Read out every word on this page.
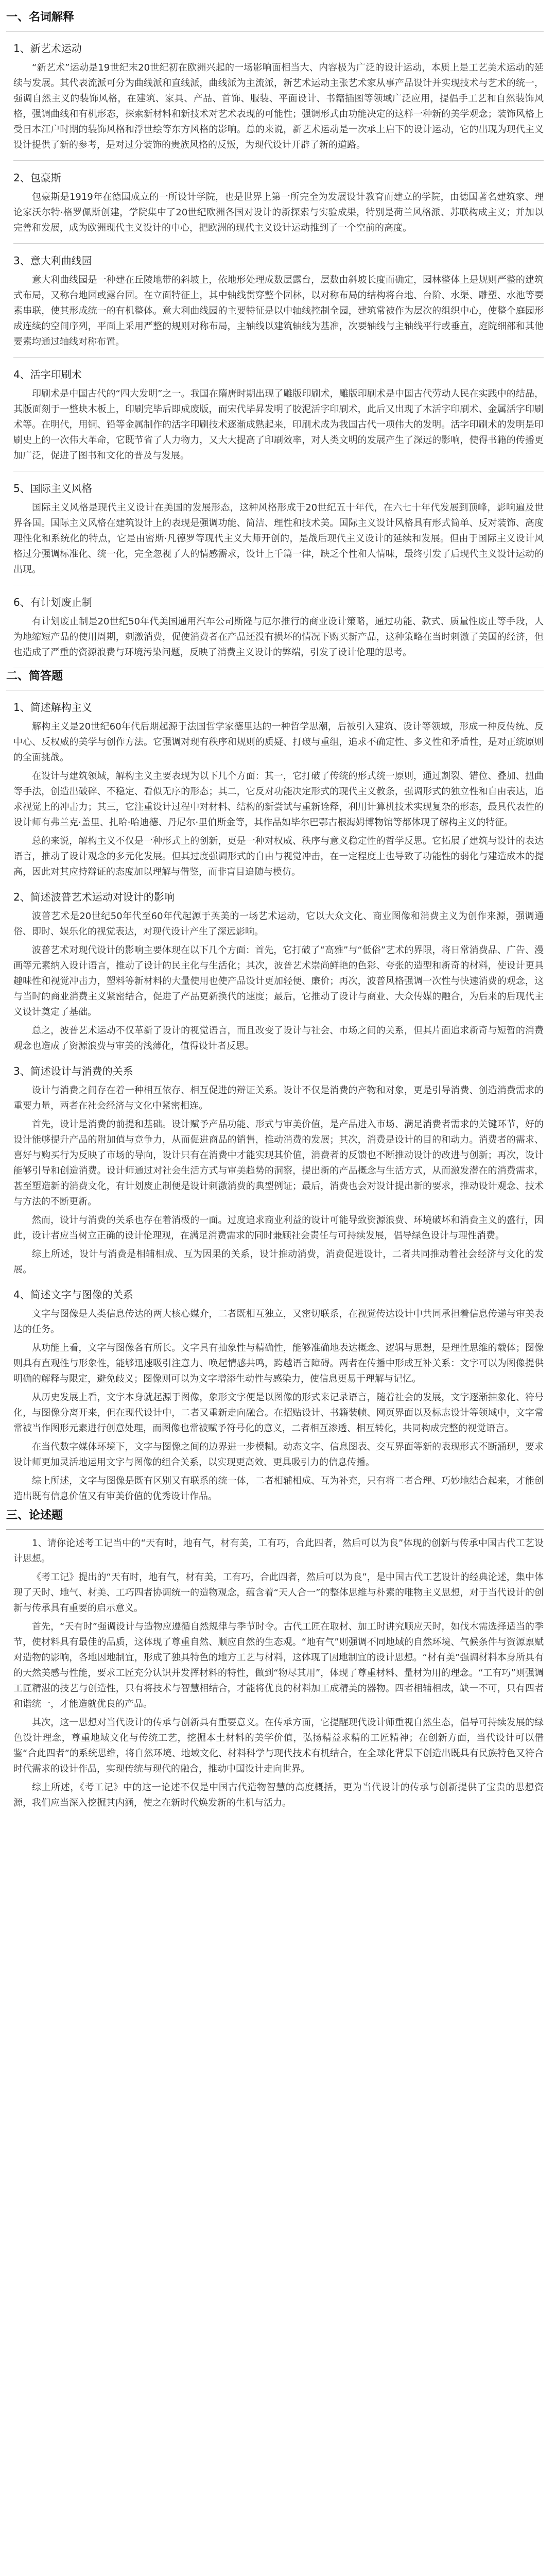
一、名词解释
1、新艺术运动

“新艺术”运动是19世纪末20世纪初在欧洲兴起的一场影响面相当大、内容极为广泛的设计运动，本质上是工艺美术运动的延续与发展。其代表流派可分为曲线派和直线派，曲线派为主流派，新艺术运动主张艺术家从事产品设计并实现技术与艺术的统一，强调自然主义的装饰风格，在建筑、家具、产品、首饰、服装、平面设计、书籍插图等领域广泛应用，提倡手工艺和自然装饰风格，强调曲线和有机形态，探索新材料和新技术对艺术表现的可能性；强调形式由功能决定的这样一种新的美学观念；装饰风格上受日本江户时期的装饰风格和浮世绘等东方风格的影响。总的来说，新艺术运动是一次承上启下的设计运动，它的出现为现代主义设计提供了新的参考，是对过分装饰的贵族风格的反叛，为现代设计开辟了新的道路。

2、包豪斯

包豪斯是1919年在德国成立的一所设计学院，也是世界上第一所完全为发展设计教育而建立的学院，由德国著名建筑家、理论家沃尔特·格罗佩斯创建，学院集中了20世纪欧洲各国对设计的新探索与实验成果，特别是荷兰风格派、苏联构成主义；并加以完善和发展，成为欧洲现代主义设计的中心，把欧洲的现代主义设计运动推到了一个空前的高度。

3、意大利曲线园

意大利曲线园是一种建在丘陵地带的斜坡上，依地形处理成数层露台，层数由斜坡长度而确定，园林整体上是规则严整的建筑式布局，又称台地园或露台园。在立面特征上，其中轴线贯穿整个园林，以对称布局的结构将台地、台阶、水渠、雕塑、水池等要素串联，使其形成统一的有机整体。意大利曲线园的主要特征是以中轴线控制全园，建筑常被作为层次的组织中心，使整个庭园形成连续的空间序列，平面上采用严整的规则对称布局，主轴线以建筑轴线为基准，次要轴线与主轴线平行或垂直，庭院细部和其他要素均通过轴线对称布置。

4、活字印刷术

印刷术是中国古代的“四大发明”之一。我国在隋唐时期出现了雕版印刷术，雕版印刷术是中国古代劳动人民在实践中的结晶，其版面刻于一整块木板上，印刷完毕后即成废版，而宋代毕昇发明了胶泥活字印刷术，此后又出现了木活字印刷术、金属活字印刷术等。在明代，用铜、铅等金属制作的活字印刷技术逐渐成熟起来，印刷术成为我国古代一项伟大的发明。活字印刷术的发明是印刷史上的一次伟大革命，它既节省了人力物力，又大大提高了印刷效率，对人类文明的发展产生了深远的影响，使得书籍的传播更加广泛，促进了图书和文化的普及与发展。

5、国际主义风格

国际主义风格是现代主义设计在美国的发展形态，这种风格形成于20世纪五十年代，在六七十年代发展到顶峰，影响遍及世界各国。国际主义风格在建筑设计上的表现是强调功能、简洁、理性和技术美。国际主义设计风格具有形式简单、反对装饰、高度理性化和系统化的特点，它是由密斯·凡德罗等现代主义大师开创的，是战后现代主义设计的延续和发展。但由于国际主义设计风格过分强调标准化、统一化，完全忽视了人的情感需求，设计上千篇一律，缺乏个性和人情味，最终引发了后现代主义设计运动的出现。

6、有计划废止制

有计划废止制是20世纪50年代美国通用汽车公司斯隆与厄尔推行的商业设计策略，通过功能、款式、质量性废止等手段，人为地缩短产品的使用周期，刺激消费，促使消费者在产品还没有损坏的情况下购买新产品，这种策略在当时刺激了美国的经济，但也造成了严重的资源浪费与环境污染问题，反映了消费主义设计的弊端，引发了设计伦理的思考。

二、简答题
1、简述解构主义

解构主义是20世纪60年代后期起源于法国哲学家德里达的一种哲学思潮，后被引入建筑、设计等领域，形成一种反传统、反中心、反权威的美学与创作方法。它强调对现有秩序和规则的质疑、打破与重组，追求不确定性、多义性和矛盾性，是对正统原则的全面挑战。

在设计与建筑领域，解构主义主要表现为以下几个方面：其一，它打破了传统的形式统一原则，通过割裂、错位、叠加、扭曲等手法，创造出破碎、不稳定、看似无序的形态；其二，它反对功能决定形式的现代主义教条，强调形式的独立性和自由表达，追求视觉上的冲击力；其三，它注重设计过程中对材料、结构的新尝试与重新诠释，利用计算机技术实现复杂的形态，最具代表性的设计师有弗兰克·盖里、扎哈·哈迪德、丹尼尔·里伯斯金等，其作品如毕尔巴鄂古根海姆博物馆等都体现了解构主义的特征。

总的来说，解构主义不仅是一种形式上的创新，更是一种对权威、秩序与意义稳定性的哲学反思。它拓展了建筑与设计的表达语言，推动了设计观念的多元化发展。但其过度强调形式的自由与视觉冲击，在一定程度上也导致了功能性的弱化与建造成本的提高，因此对其应持辩证的态度加以理解与借鉴，而非盲目追随与模仿。

2、简述波普艺术运动对设计的影响

波普艺术是20世纪50年代至60年代起源于英美的一场艺术运动，它以大众文化、商业图像和消费主义为创作来源，强调通俗、即时、娱乐化的视觉表达，对现代设计产生了深远影响。

波普艺术对现代设计的影响主要体现在以下几个方面：首先，它打破了“高雅”与“低俗”艺术的界限，将日常消费品、广告、漫画等元素纳入设计语言，推动了设计的民主化与生活化；其次，波普艺术崇尚鲜艳的色彩、夸张的造型和新奇的材料，使设计更具趣味性和视觉冲击力，塑料等新材料的大量使用也使产品设计更加轻便、廉价；再次，波普风格强调一次性与快速消费的观念，这与当时的商业消费主义紧密结合，促进了产品更新换代的速度；最后，它推动了设计与商业、大众传媒的融合，为后来的后现代主义设计奠定了基础。

总之，波普艺术运动不仅革新了设计的视觉语言，而且改变了设计与社会、市场之间的关系，但其片面追求新奇与短暂的消费观念也造成了资源浪费与审美的浅薄化，值得设计者反思。

3、简述设计与消费的关系

设计与消费之间存在着一种相互依存、相互促进的辩证关系。设计不仅是消费的产物和对象，更是引导消费、创造消费需求的重要力量，两者在社会经济与文化中紧密相连。

首先，设计是消费的前提和基础。设计赋予产品功能、形式与审美价值，是产品进入市场、满足消费者需求的关键环节，好的设计能够提升产品的附加值与竞争力，从而促进商品的销售，推动消费的发展；其次，消费是设计的目的和动力。消费者的需求、喜好与购买行为反映了市场的导向，设计只有在消费中才能实现其价值，消费者的反馈也不断推动设计的改进与创新；再次，设计能够引导和创造消费。设计师通过对社会生活方式与审美趋势的洞察，提出新的产品概念与生活方式，从而激发潜在的消费需求，甚至塑造新的消费文化，有计划废止制便是设计刺激消费的典型例证；最后，消费也会对设计提出新的要求，推动设计观念、技术与方法的不断更新。

然而，设计与消费的关系也存在着消极的一面。过度追求商业利益的设计可能导致资源浪费、环境破坏和消费主义的盛行，因此，设计者应当树立正确的设计伦理观，在满足消费需求的同时兼顾社会责任与可持续发展，倡导绿色设计与理性消费。

综上所述，设计与消费是相辅相成、互为因果的关系，设计推动消费，消费促进设计，二者共同推动着社会经济与文化的发展。

4、简述文字与图像的关系

文字与图像是人类信息传达的两大核心媒介，二者既相互独立，又密切联系，在视觉传达设计中共同承担着信息传递与审美表达的任务。

从功能上看，文字与图像各有所长。文字具有抽象性与精确性，能够准确地表达概念、逻辑与思想，是理性思维的载体；图像则具有直观性与形象性，能够迅速吸引注意力、唤起情感共鸣，跨越语言障碍。两者在传播中形成互补关系：文字可以为图像提供明确的解释与限定，避免歧义；图像则可以为文字增添生动性与感染力，使信息更易于理解与记忆。

从历史发展上看，文字本身就起源于图像，象形文字便是以图像的形式来记录语言，随着社会的发展，文字逐渐抽象化、符号化，与图像分离开来，但在现代设计中，二者又重新走向融合。在招贴设计、书籍装帧、网页界面以及标志设计等领域中，文字常常被当作图形元素进行创意处理，而图像也常被赋予符号化的意义，二者相互渗透、相互转化，共同构成完整的视觉语言。

在当代数字媒体环境下，文字与图像之间的边界进一步模糊。动态文字、信息图表、交互界面等新的表现形式不断涌现，要求设计师更加灵活地运用文字与图像的组合关系，以实现更高效、更具吸引力的信息传播。

综上所述，文字与图像是既有区别又有联系的统一体，二者相辅相成、互为补充，只有将二者合理、巧妙地结合起来，才能创造出既有信息价值又有审美价值的优秀设计作品。

三、论述题

1、请你论述考工记当中的“天有时，地有气，材有美，工有巧，合此四者，然后可以为良”体现的创新与传承中国古代工艺设计思想。

《考工记》提出的“天有时，地有气，材有美，工有巧，合此四者，然后可以为良”，是中国古代工艺设计的经典论述，集中体现了天时、地气、材美、工巧四者协调统一的造物观念，蕴含着“天人合一”的整体思维与朴素的唯物主义思想，对于当代设计的创新与传承具有重要的启示意义。

首先，“天有时”强调设计与造物应遵循自然规律与季节时令。古代工匠在取材、加工时讲究顺应天时，如伐木需选择适当的季节，使材料具有最佳的品质，这体现了尊重自然、顺应自然的生态观。“地有气”则强调不同地域的自然环境、气候条件与资源禀赋对造物的影响，各地因地制宜，形成了独具特色的地方工艺与材料，这体现了因地制宜的设计思想。“材有美”强调材料本身所具有的天然美感与性能，要求工匠充分认识并发挥材料的特性，做到“物尽其用”，体现了尊重材料、量材为用的理念。“工有巧”则强调工匠精湛的技艺与创造性，只有将技术与智慧相结合，才能将优良的材料加工成精美的器物。四者相辅相成，缺一不可，只有四者和谐统一，才能造就优良的产品。

其次，这一思想对当代设计的传承与创新具有重要意义。在传承方面，它提醒现代设计师重视自然生态，倡导可持续发展的绿色设计理念，尊重地域文化与传统工艺，挖掘本土材料的美学价值，弘扬精益求精的工匠精神；在创新方面，当代设计可以借鉴“合此四者”的系统思维，将自然环境、地域文化、材料科学与现代技术有机结合，在全球化背景下创造出既具有民族特色又符合时代需求的设计作品，实现传统与现代的融合，推动中国设计走向世界。

综上所述，《考工记》中的这一论述不仅是中国古代造物智慧的高度概括，更为当代设计的传承与创新提供了宝贵的思想资源，我们应当深入挖掘其内涵，使之在新时代焕发新的生机与活力。
